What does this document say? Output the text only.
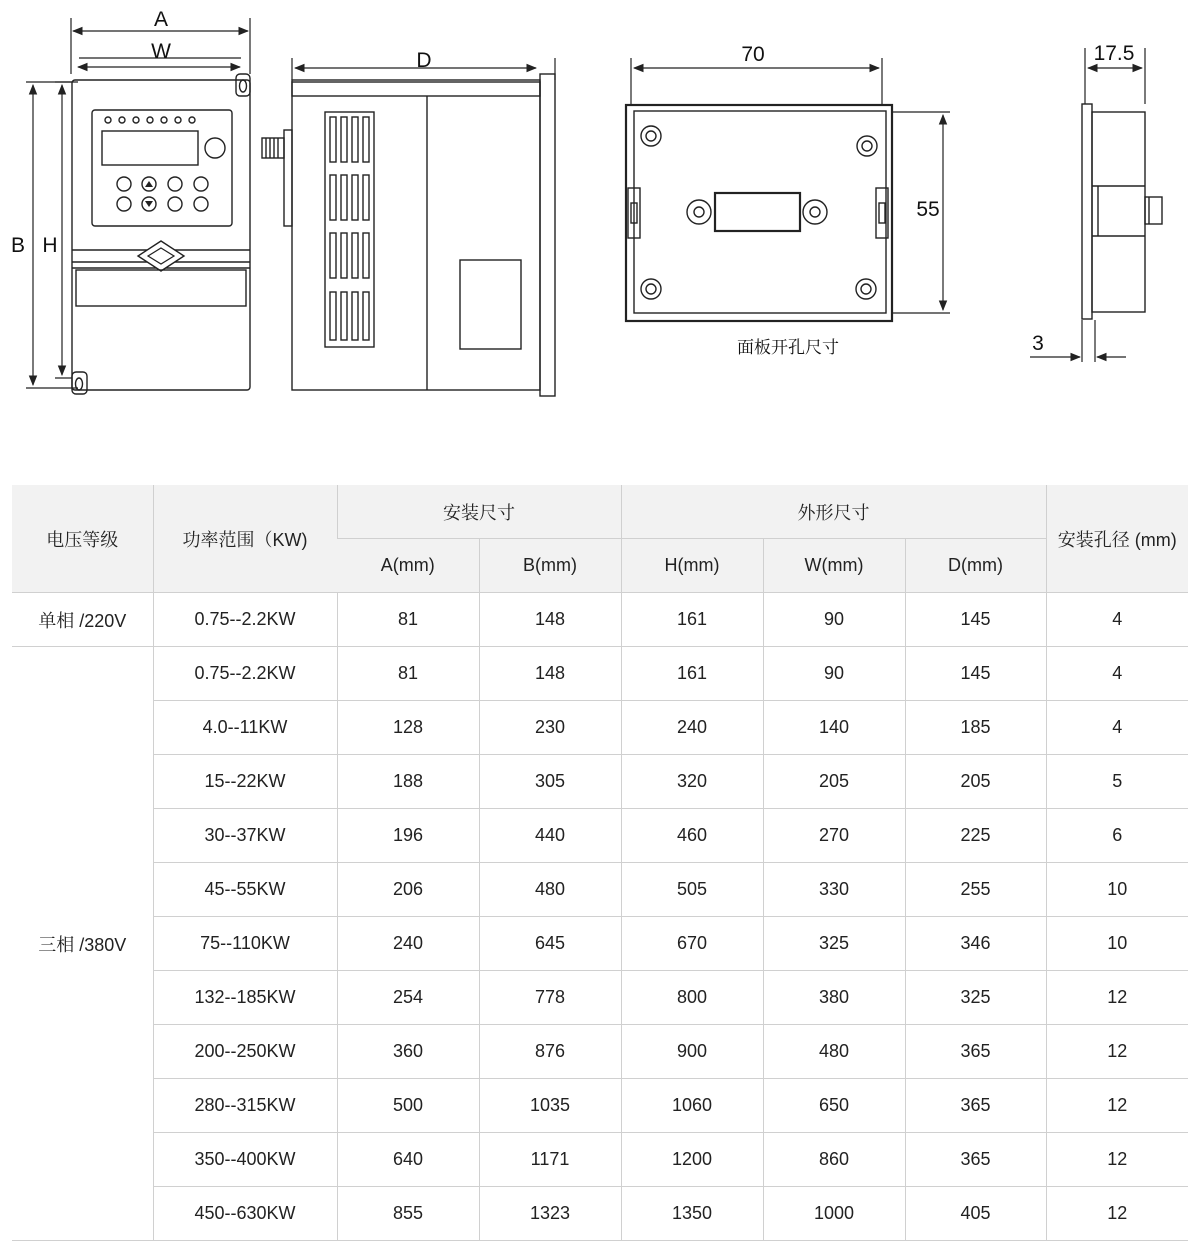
A
W
B H
D	70
55
面板开孔尺寸
17.5
3
电压等级	功率范围（KW)	安装尺寸		外形尺寸			安装孔径 (mm)
		A(mm)	B(mm)	H(mm)	W(mm)	D(mm)	
单相 /220V	0.75--2.2KW	81	148	161	90	145	4
三相 /380V	0.75--2.2KW	81	148	161	90	145	4
	4.0--11KW	128	230	240	140	185	4
	15--22KW	188	305	320	205	205	5
	30--37KW	196	440	460	270	225	6
	45--55KW	206	480	505	330	255	10
	75--110KW	240	645	670	325	346	10
	132--185KW	254	778	800	380	325	12
	200--250KW	360	876	900	480	365	12
	280--315KW	500	1035	1060	650	365	12
	350--400KW	640	1171	1200	860	365	12
	450--630KW	855	1323	1350	1000	405	12
